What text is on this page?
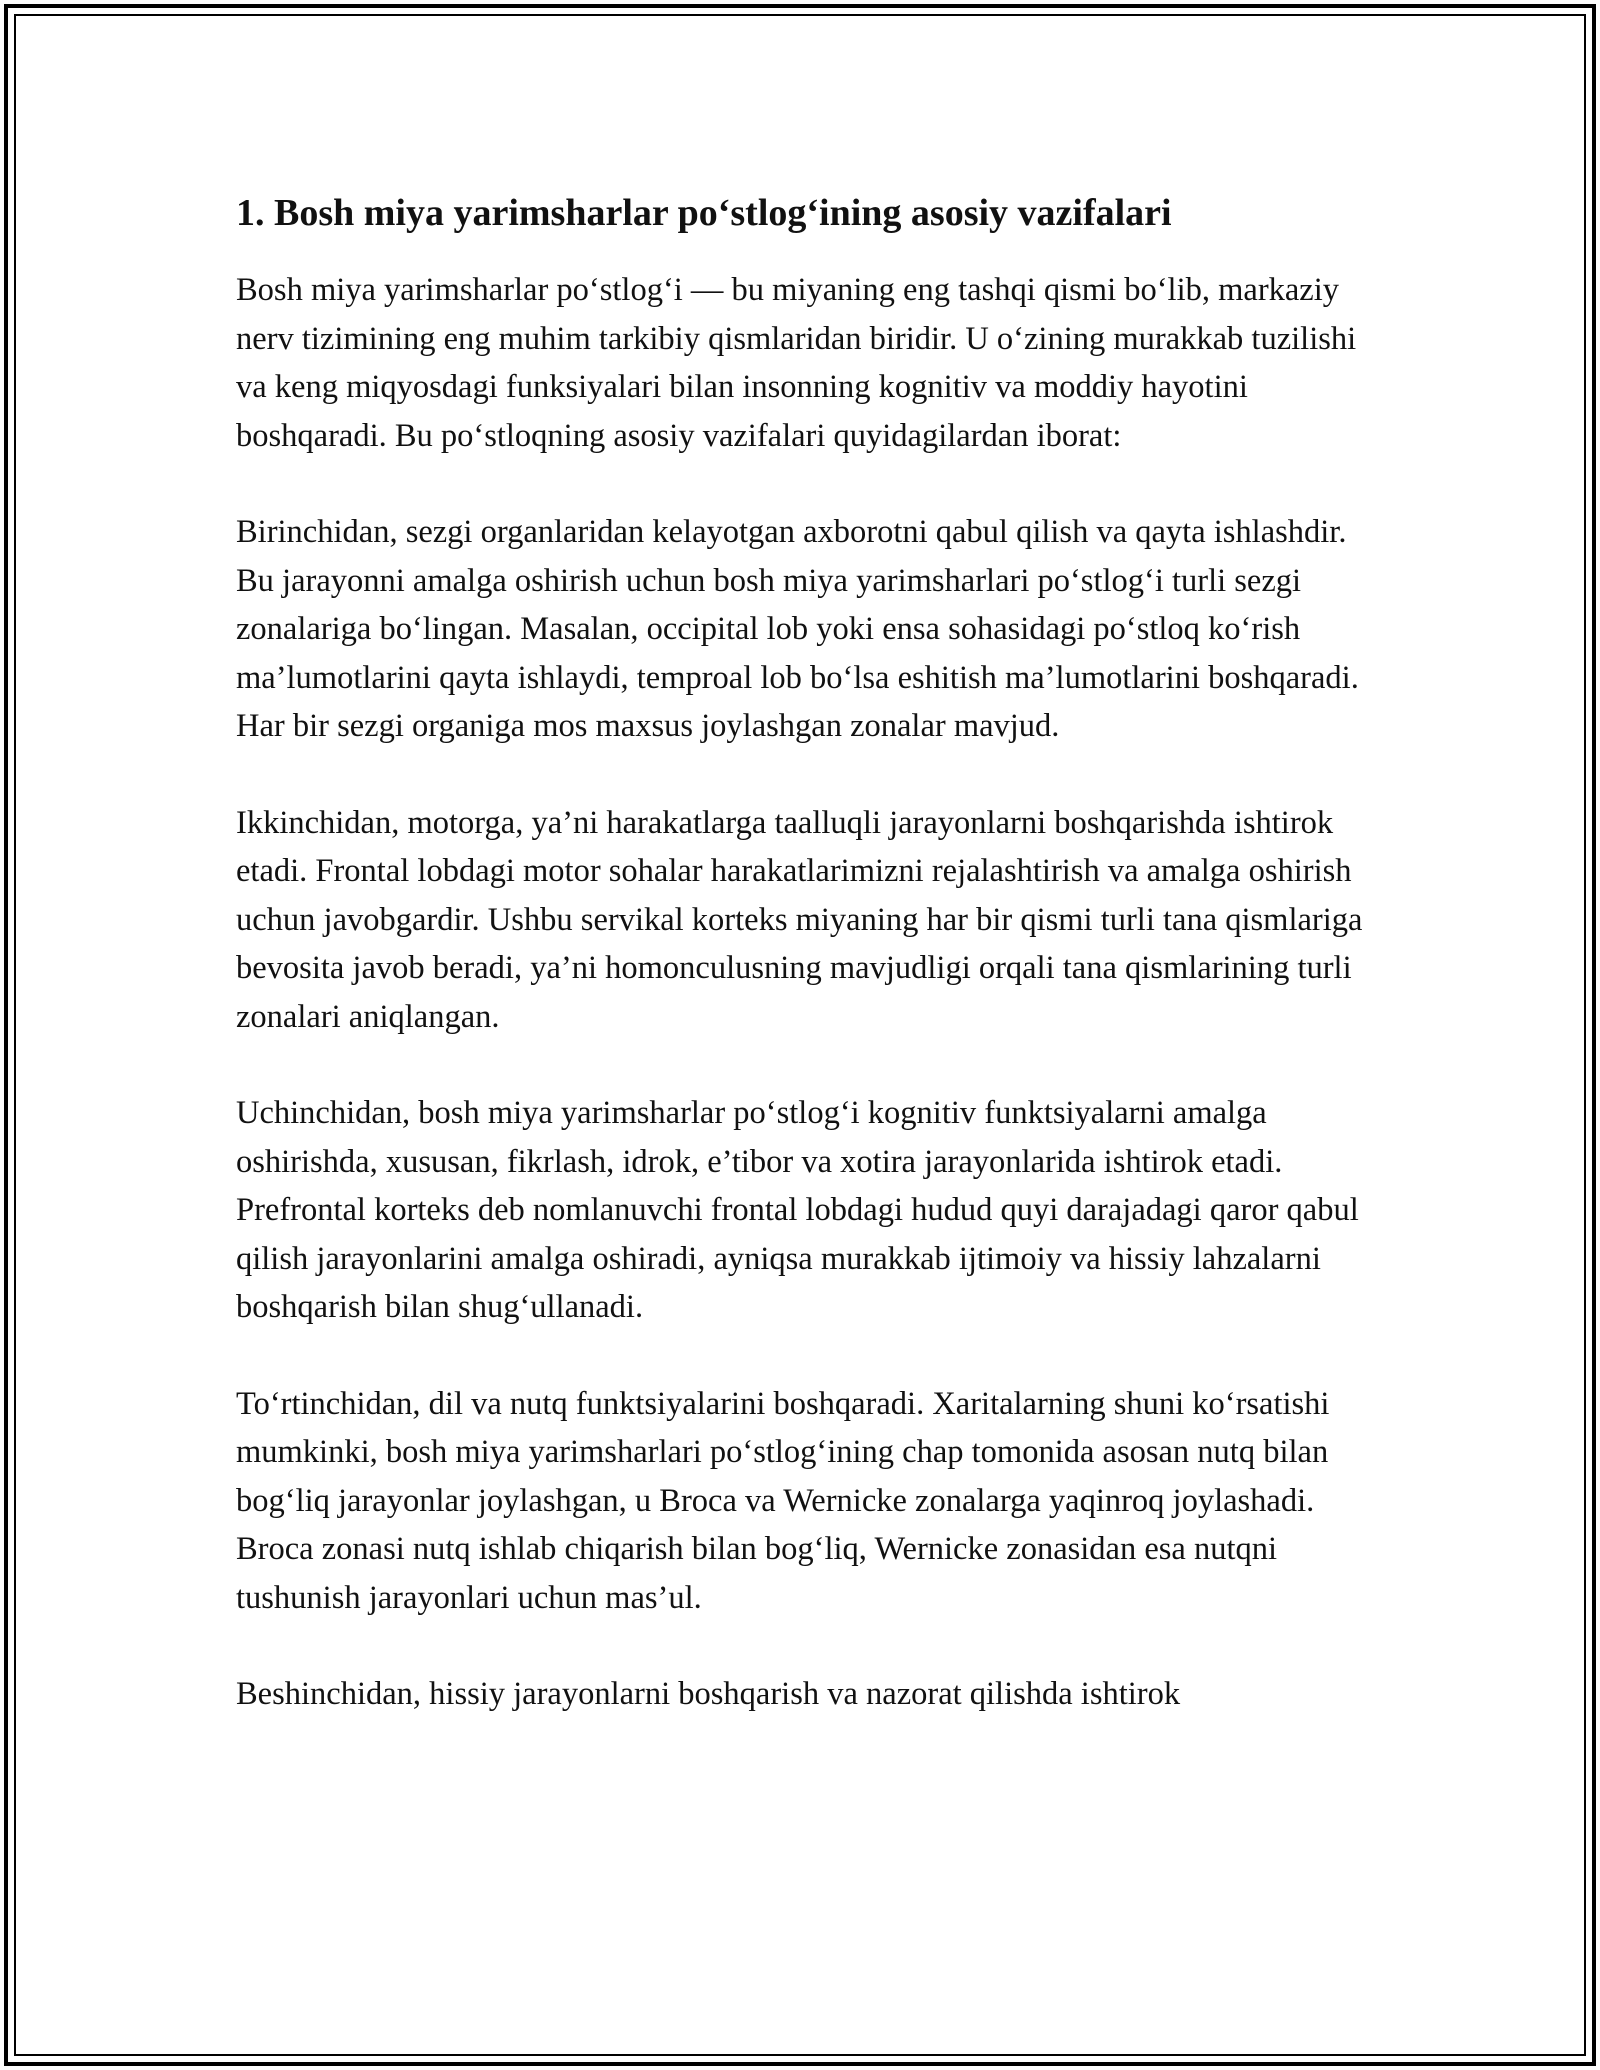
1. Bosh miya yarimsharlar po‘stlog‘ining asosiy vazifalari

Bosh miya yarimsharlar po‘stlog‘i — bu miyaning eng tashqi qismi bo‘lib, markaziy nerv tizimining eng muhim tarkibiy qismlaridan biridir. U o‘zining murakkab tuzilishi va keng miqyosdagi funksiyalari bilan insonning kognitiv va moddiy hayotini boshqaradi. Bu po‘stloqning asosiy vazifalari quyidagilardan iborat:

Birinchidan, sezgi organlaridan kelayotgan axborotni qabul qilish va qayta ishlashdir. Bu jarayonni amalga oshirish uchun bosh miya yarimsharlari po‘stlog‘i turli sezgi zonalariga bo‘lingan. Masalan, occipital lob yoki ensa sohasidagi po‘stloq ko‘rish ma’lumotlarini qayta ishlaydi, temproal lob bo‘lsa eshitish ma’lumotlarini boshqaradi. Har bir sezgi organiga mos maxsus joylashgan zonalar mavjud.

Ikkinchidan, motorga, ya’ni harakatlarga taalluqli jarayonlarni boshqarishda ishtirok etadi. Frontal lobdagi motor sohalar harakatlarimizni rejalashtirish va amalga oshirish uchun javobgardir. Ushbu servikal korteks miyaning har bir qismi turli tana qismlariga bevosita javob beradi, ya’ni homonculusning mavjudligi orqali tana qismlarining turli zonalari aniqlangan.

Uchinchidan, bosh miya yarimsharlar po‘stlog‘i kognitiv funktsiyalarni amalga oshirishda, xususan, fikrlash, idrok, e’tibor va xotira jarayonlarida ishtirok etadi. Prefrontal korteks deb nomlanuvchi frontal lobdagi hudud quyi darajadagi qaror qabul qilish jarayonlarini amalga oshiradi, ayniqsa murakkab ijtimoiy va hissiy lahzalarni boshqarish bilan shug‘ullanadi.

To‘rtinchidan, dil va nutq funktsiyalarini boshqaradi. Xaritalarning shuni ko‘rsatishi mumkinki, bosh miya yarimsharlari po‘stlog‘ining chap tomonida asosan nutq bilan bog‘liq jarayonlar joylashgan, u Broca va Wernicke zonalarga yaqinroq joylashadi. Broca zonasi nutq ishlab chiqarish bilan bog‘liq, Wernicke zonasidan esa nutqni tushunish jarayonlari uchun mas’ul.

Beshinchidan, hissiy jarayonlarni boshqarish va nazorat qilishda ishtirok
